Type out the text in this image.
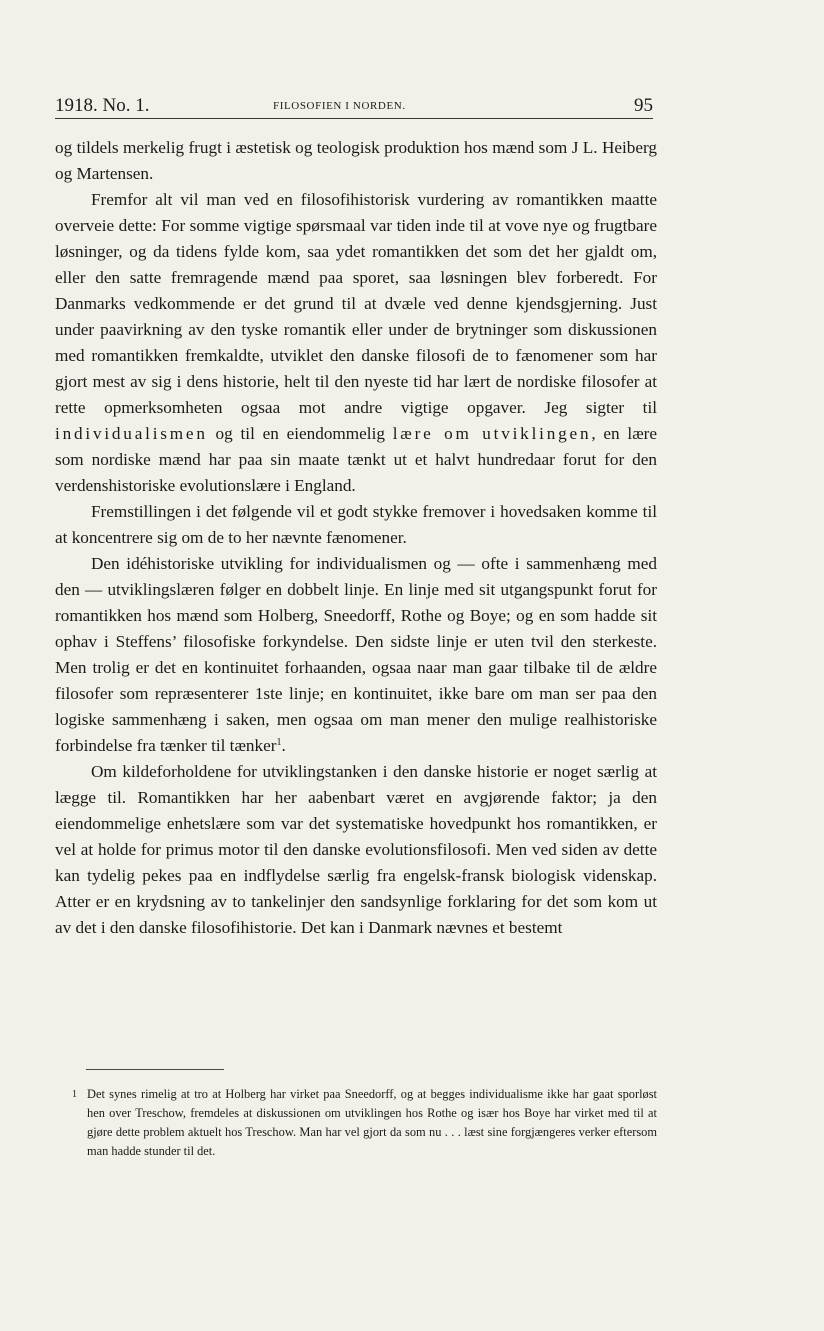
1918. No. 1.	FILOSOFIEN I NORDEN.	95

og tildels merkelig frugt i æstetisk og teologisk produktion hos mænd som J L. Heiberg og Martensen.

Fremfor alt vil man ved en filosofihistorisk vurdering av romantikken maatte overveie dette: For somme vigtige spørsmaal var tiden inde til at vove nye og frugtbare løsninger, og da tidens fylde kom, saa ydet romantikken det som det her gjaldt om, eller den satte fremragende mænd paa sporet, saa løsningen blev forberedt. For Danmarks vedkommende er det grund til at dvæle ved denne kjendsgjerning. Just under paavirkning av den tyske romantik eller under de brytninger som diskussionen med romantikken fremkaldte, utviklet den danske filosofi de to fænomener som har gjort mest av sig i dens historie, helt til den nyeste tid har lært de nordiske filosofer at rette opmerksomheten ogsaa mot andre vigtige opgaver. Jeg sigter til individualismen og til en eiendommelig lære om utviklingen, en lære som nordiske mænd har paa sin maate tænkt ut et halvt hundredaar forut for den verdenshistoriske evolutionslære i England.

Fremstillingen i det følgende vil et godt stykke fremover i hovedsaken komme til at koncentrere sig om de to her nævnte fænomener.

Den idéhistoriske utvikling for individualismen og — ofte i sammenhæng med den — utviklingslæren følger en dobbelt linje. En linje med sit utgangspunkt forut for romantikken hos mænd som Holberg, Sneedorff, Rothe og Boye; og en som hadde sit ophav i Steffens’ filosofiske forkyndelse. Den sidste linje er uten tvil den sterkeste. Men trolig er det en kontinuitet forhaanden, ogsaa naar man gaar tilbake til de ældre filosofer som repræsenterer 1ste linje; en kontinuitet, ikke bare om man ser paa den logiske sammenhæng i saken, men ogsaa om man mener den mulige realhistoriske forbindelse fra tænker til tænker$^1$.

Om kildeforholdene for utviklingstanken i den danske historie er noget særlig at lægge til. Romantikken har her aabenbart været en avgjørende faktor; ja den eiendommelige enhetslære som var det systematiske hovedpunkt hos romantikken, er vel at holde for primus motor til den danske evolutionsfilosofi. Men ved siden av dette kan tydelig pekes paa en indflydelse særlig fra engelsk-fransk biologisk videnskap. Atter er en krydsning av to tankelinjer den sandsynlige forklaring for det som kom ut av det i den danske filosofihistorie. Det kan i Danmark nævnes et bestemt

1 Det synes rimelig at tro at Holberg har virket paa Sneedorff, og at begges individualisme ikke har gaat sporløst hen over Treschow, fremdeles at diskussionen om utviklingen hos Rothe og især hos Boye har virket med til at gjøre dette problem aktuelt hos Treschow. Man har vel gjort da som nu . . . læst sine forgjængeres verker eftersom man hadde stunder til det.
